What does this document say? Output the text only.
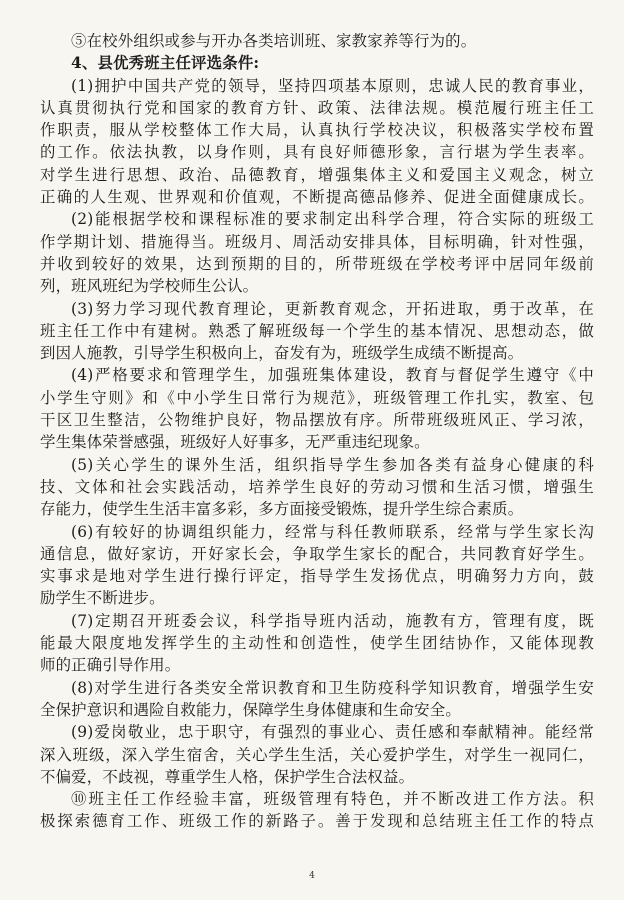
⑤在校外组织或参与开办各类培训班、家教家养等行为的。
4、县优秀班主任评选条件:
(1)拥护中国共产党的领导，坚持四项基本原则，忠诚人民的教育事业，
认真贯彻执行党和国家的教育方针、政策、法律法规。模范履行班主任工
作职责，服从学校整体工作大局，认真执行学校决议，积极落实学校布置
的工作。依法执教，以身作则，具有良好师德形象，言行堪为学生表率。
对学生进行思想、政治、品德教育，增强集体主义和爱国主义观念，树立
正确的人生观、世界观和价值观，不断提高德品修养、促进全面健康成长。
(2)能根据学校和课程标准的要求制定出科学合理，符合实际的班级工
作学期计划、措施得当。班级月、周活动安排具体，目标明确，针对性强，
并收到较好的效果，达到预期的目的，所带班级在学校考评中居同年级前
列，班风班纪为学校师生公认。
(3)努力学习现代教育理论，更新教育观念，开拓进取，勇于改革，在
班主任工作中有建树。熟悉了解班级每一个学生的基本情况、思想动态，做
到因人施教，引导学生积极向上，奋发有为，班级学生成绩不断提高。
(4)严格要求和管理学生，加强班集体建设，教育与督促学生遵守《中
小学生守则》和《中小学生日常行为规范》，班级管理工作扎实，教室、包
干区卫生整洁，公物维护良好，物品摆放有序。所带班级班风正、学习浓，
学生集体荣誉感强，班级好人好事多，无严重违纪现象。
(5)关心学生的课外生活，组织指导学生参加各类有益身心健康的科
技、文体和社会实践活动，培养学生良好的劳动习惯和生活习惯，增强生
存能力，使学生生活丰富多彩，多方面接受锻炼，提升学生综合素质。
(6)有较好的协调组织能力，经常与科任教师联系，经常与学生家长沟
通信息，做好家访，开好家长会，争取学生家长的配合，共同教育好学生。
实事求是地对学生进行操行评定，指导学生发扬优点，明确努力方向，鼓
励学生不断进步。
(7)定期召开班委会议，科学指导班内活动，施教有方，管理有度，既
能最大限度地发挥学生的主动性和创造性，使学生团结协作，又能体现教
师的正确引导作用。
(8)对学生进行各类安全常识教育和卫生防疫科学知识教育，增强学生安
全保护意识和遇险自救能力，保障学生身体健康和生命安全。
(9)爱岗敬业，忠于职守，有强烈的事业心、责任感和奉献精神。能经常
深入班级，深入学生宿舍，关心学生生活，关心爱护学生，对学生一视同仁，
不偏爱，不歧视，尊重学生人格，保护学生合法权益。
⑩班主任工作经验丰富，班级管理有特色，并不断改进工作方法。积
极探索德育工作、班级工作的新路子。善于发现和总结班主任工作的特点
4
